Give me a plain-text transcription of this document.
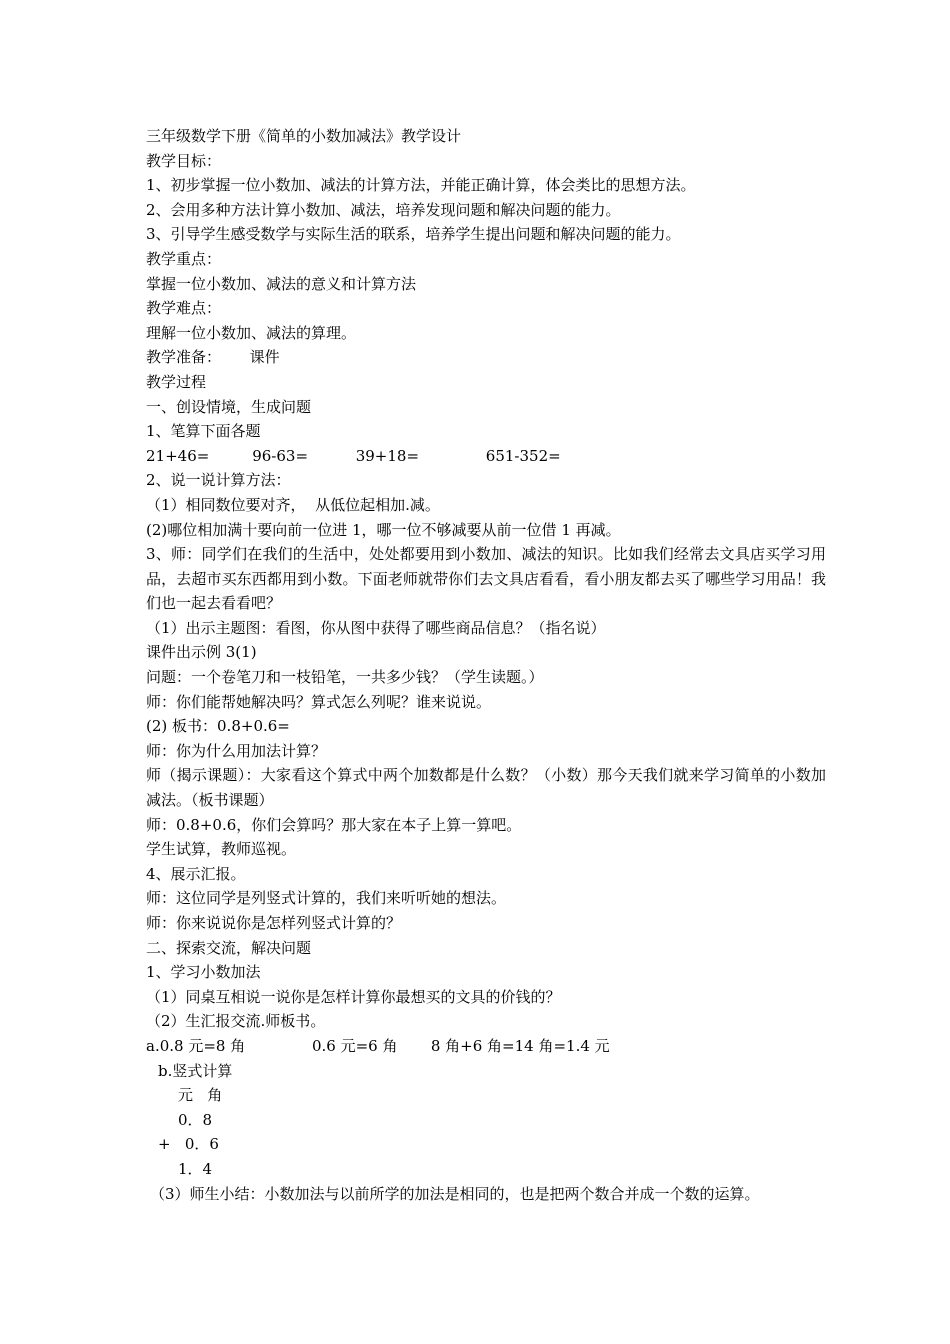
三年级数学下册《简单的小数加减法》教学设计
教学目标：
1、初步掌握一位小数加、减法的计算方法，并能正确计算，体会类比的思想方法。
2、会用多种方法计算小数加、减法，培养发现问题和解决问题的能力。
3、引导学生感受数学与实际生活的联系，培养学生提出问题和解决问题的能力。
教学重点：
掌握一位小数加、减法的意义和计算方法
教学难点：
理解一位小数加、减法的算理。
教学准备：      课件
教学过程
一、创设情境，生成问题
1、笔算下面各题
21+46=         96-63=          39+18=              651-352=
2、说一说计算方法：
（1）相同数位要对齐，  从低位起相加.减。
(2)哪位相加满十要向前一位进 1，哪一位不够减要从前一位借 1 再减。
3、师：同学们在我们的生活中，处处都要用到小数加、减法的知识。比如我们经常去文具店买学习用品，去超市买东西都用到小数。下面老师就带你们去文具店看看，看小朋友都去买了哪些学习用品！我们也一起去看看吧？
（1）出示主题图：看图，你从图中获得了哪些商品信息？（指名说）
课件出示例 3(1)
问题：一个卷笔刀和一枝铅笔，一共多少钱？（学生读题。）
师：你们能帮她解决吗？算式怎么列呢？谁来说说。
(2) 板书：0.8+0.6=
师：你为什么用加法计算？
师（揭示课题）：大家看这个算式中两个加数都是什么数？（小数）那今天我们就来学习简单的小数加减法。（板书课题）
师：0.8+0.6，你们会算吗？那大家在本子上算一算吧。
学生试算，教师巡视。
4、展示汇报。
师：这位同学是列竖式计算的，我们来听听她的想法。
师：你来说说你是怎样列竖式计算的？
二、探索交流，解决问题
1、学习小数加法
（1）同桌互相说一说你是怎样计算你最想买的文具的价钱的？
（2）生汇报交流.师板书。
a.0.8 元=8 角              0.6 元=6 角       8 角+6 角=14 角=1.4 元
b.竖式计算
元   角
0．8
+   0．6
1．4
（3）师生小结：小数加法与以前所学的加法是相同的，也是把两个数合并成一个数的运算。
